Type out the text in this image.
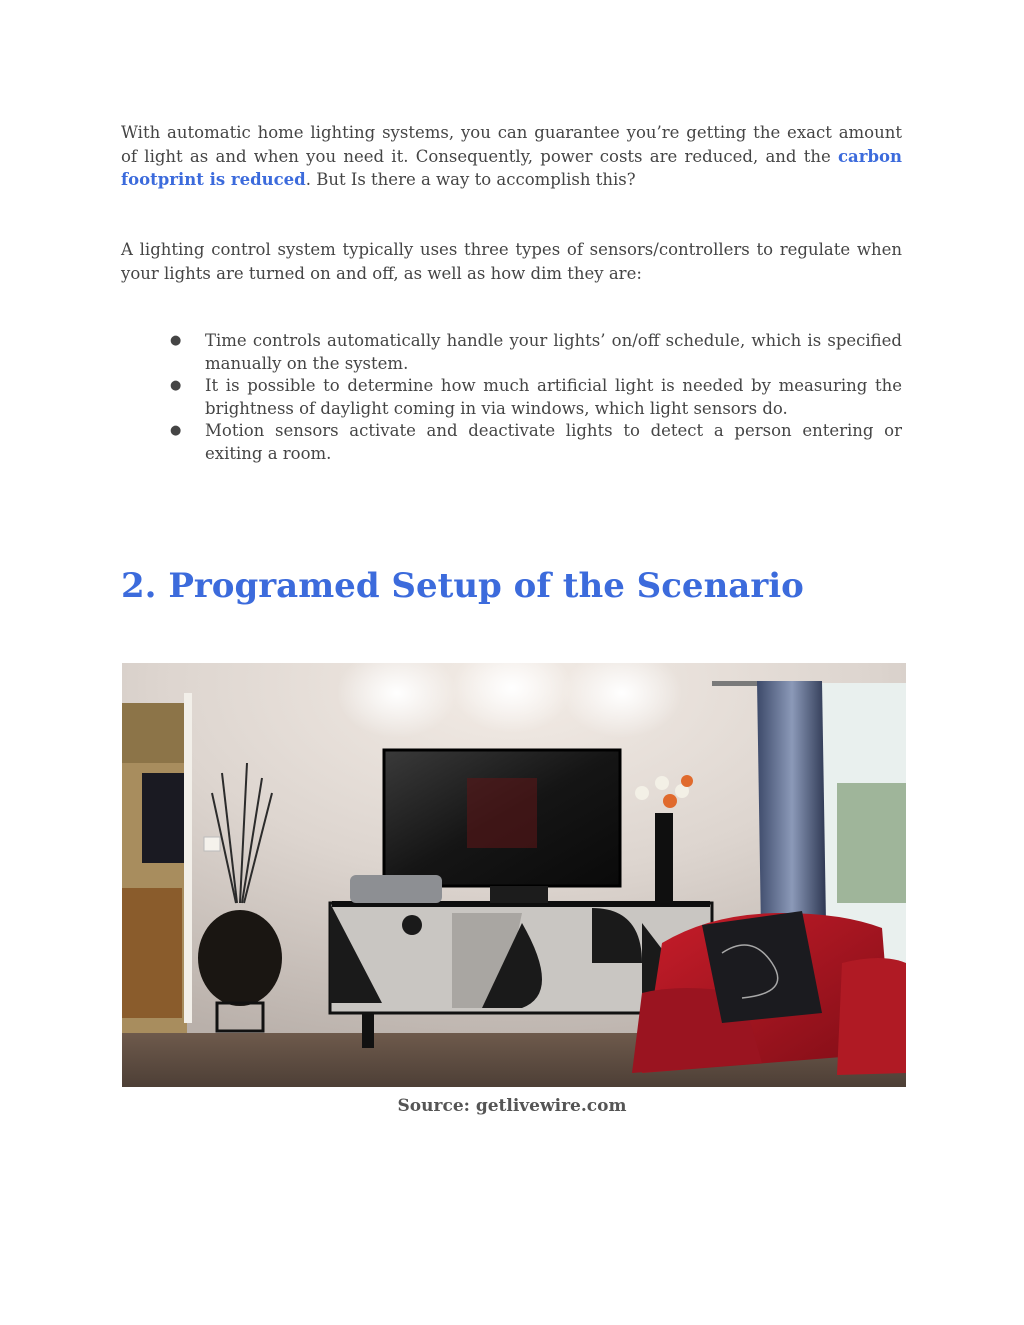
With automatic home lighting systems, you can guarantee you’re getting the exact amount of light as and when you need it. Consequently, power costs are reduced, and the carbon footprint is reduced. But Is there a way to accomplish this?

A lighting control system typically uses three types of sensors/controllers to regulate when your lights are turned on and off, as well as how dim they are:

● Time controls automatically handle your lights’ on/off schedule, which is specified manually on the system.
● It is possible to determine how much artificial light is needed by measuring the brightness of daylight coming in via windows, which light sensors do.
● Motion sensors activate and deactivate lights to detect a person entering or exiting a room.
2. Programed Setup of the Scenario
Source: getlivewire.com
